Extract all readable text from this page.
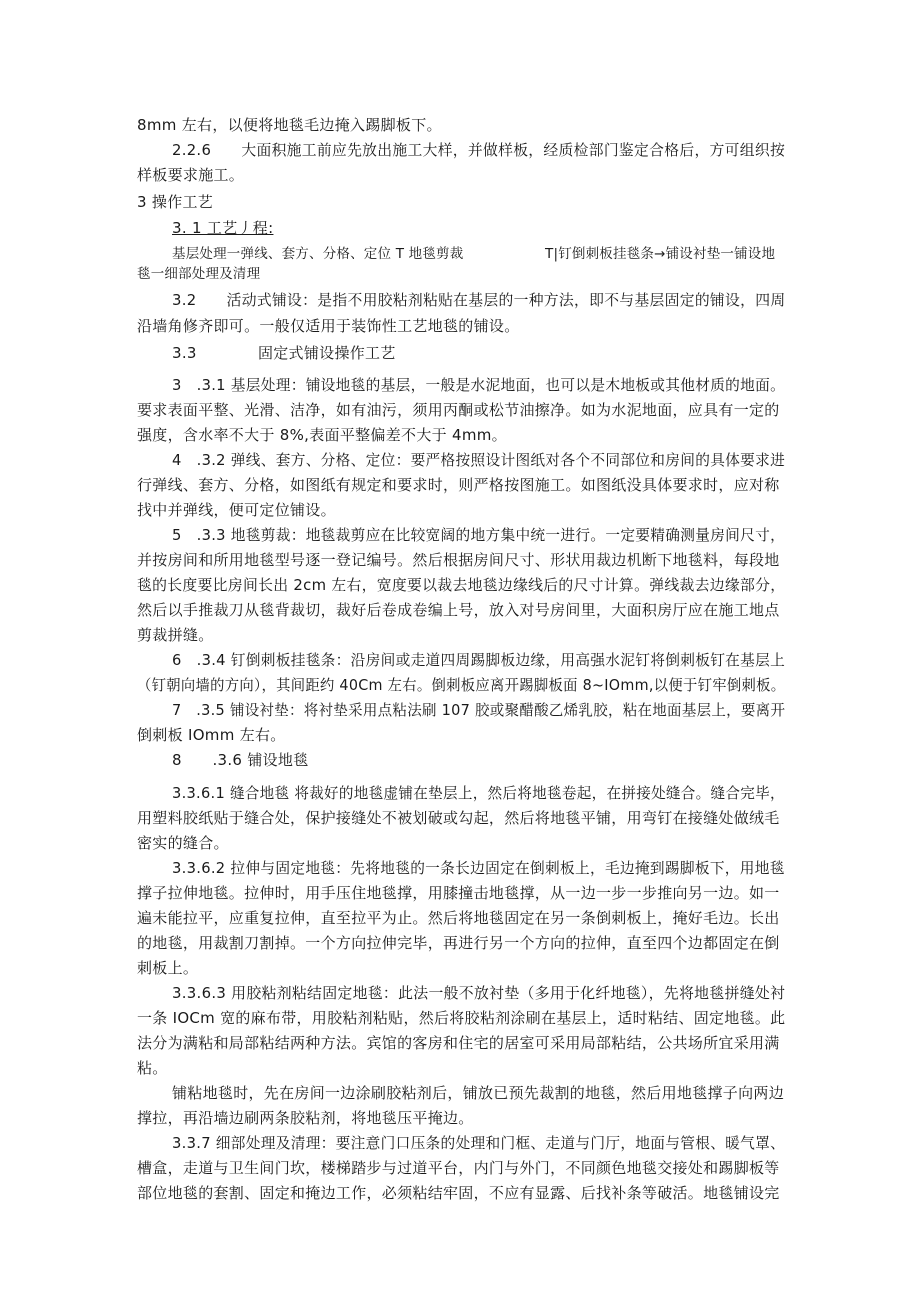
8mm 左右，以便将地毯毛边掩入踢脚板下。
2.2.6　　大面积施工前应先放出施工大样，并做样板，经质检部门鉴定合格后，方可组织按
样板要求施工。
3 操作工艺
3. 1 工艺丿程:
基层处理一弹线、套方、分格、定位 T 地毯剪裁	T|钉倒刺板挂毯条→铺设衬垫一铺设地
毯一细部处理及清理
3.2　　活动式铺设：是指不用胶粘剂粘贴在基层的一种方法，即不与基层固定的铺设，四周
沿墙角修齐即可。一般仅适用于装饰性工艺地毯的铺设。
3.3　　　　固定式铺设操作工艺
3　.3.1 基层处理：铺设地毯的基层，一般是水泥地面，也可以是木地板或其他材质的地面。
要求表面平整、光滑、洁净，如有油污，须用丙酮或松节油擦净。如为水泥地面，应具有一定的
强度，含水率不大于 8%,表面平整偏差不大于 4mm。
4　.3.2 弹线、套方、分格、定位：要严格按照设计图纸对各个不同部位和房间的具体要求进
行弹线、套方、分格，如图纸有规定和要求时，则严格按图施工。如图纸没具体要求时，应对称
找中并弹线，便可定位铺设。
5　.3.3 地毯剪裁：地毯裁剪应在比较宽阔的地方集中统一进行。一定要精确测量房间尺寸，
并按房间和所用地毯型号逐一登记编号。然后根据房间尺寸、形状用裁边机断下地毯料，每段地
毯的长度要比房间长出 2cm 左右，宽度要以裁去地毯边缘线后的尺寸计算。弹线裁去边缘部分，
然后以手推裁刀从毯背裁切，裁好后卷成卷编上号，放入对号房间里，大面积房厅应在施工地点
剪裁拼缝。
6　.3.4 钉倒刺板挂毯条：沿房间或走道四周踢脚板边缘，用高强水泥钉将倒刺板钉在基层上
（钉朝向墙的方向），其间距约 40Cm 左右。倒刺板应离开踢脚板面 8~IOmm,以便于钉牢倒刺板。
7　.3.5 铺设衬垫：将衬垫采用点粘法刷 107 胶或聚醋酸乙烯乳胶，粘在地面基层上，要离开
倒刺板 IOmm 左右。
8　　.3.6 铺设地毯
3.3.6.1 缝合地毯 将裁好的地毯虚铺在垫层上，然后将地毯卷起，在拼接处缝合。缝合完毕，
用塑料胶纸贴于缝合处，保护接缝处不被划破或勾起，然后将地毯平铺，用弯钉在接缝处做绒毛
密实的缝合。
3.3.6.2 拉伸与固定地毯：先将地毯的一条长边固定在倒刺板上，毛边掩到踢脚板下，用地毯
撑子拉伸地毯。拉伸时，用手压住地毯撑，用膝撞击地毯撑，从一边一步一步推向另一边。如一
遍未能拉平，应重复拉伸，直至拉平为止。然后将地毯固定在另一条倒刺板上，掩好毛边。长出
的地毯，用裁割刀割掉。一个方向拉伸完毕，再进行另一个方向的拉伸，直至四个边都固定在倒
刺板上。
3.3.6.3 用胶粘剂粘结固定地毯：此法一般不放衬垫（多用于化纤地毯），先将地毯拼缝处衬
一条 IOCm 宽的麻布带，用胶粘剂粘贴，然后将胶粘剂涂刷在基层上，适时粘结、固定地毯。此
法分为满粘和局部粘结两种方法。宾馆的客房和住宅的居室可采用局部粘结，公共场所宜采用满
粘。
铺粘地毯时，先在房间一边涂刷胶粘剂后，铺放已预先裁割的地毯，然后用地毯撑子向两边
撑拉，再沿墙边刷两条胶粘剂，将地毯压平掩边。
3.3.7 细部处理及清理：要注意门口压条的处理和门框、走道与门厅，地面与管根、暖气罩、
槽盒，走道与卫生间门坎，楼梯踏步与过道平台，内门与外门，不同颜色地毯交接处和踢脚板等
部位地毯的套割、固定和掩边工作，必须粘结牢固，不应有显露、后找补条等破活。地毯铺设完
